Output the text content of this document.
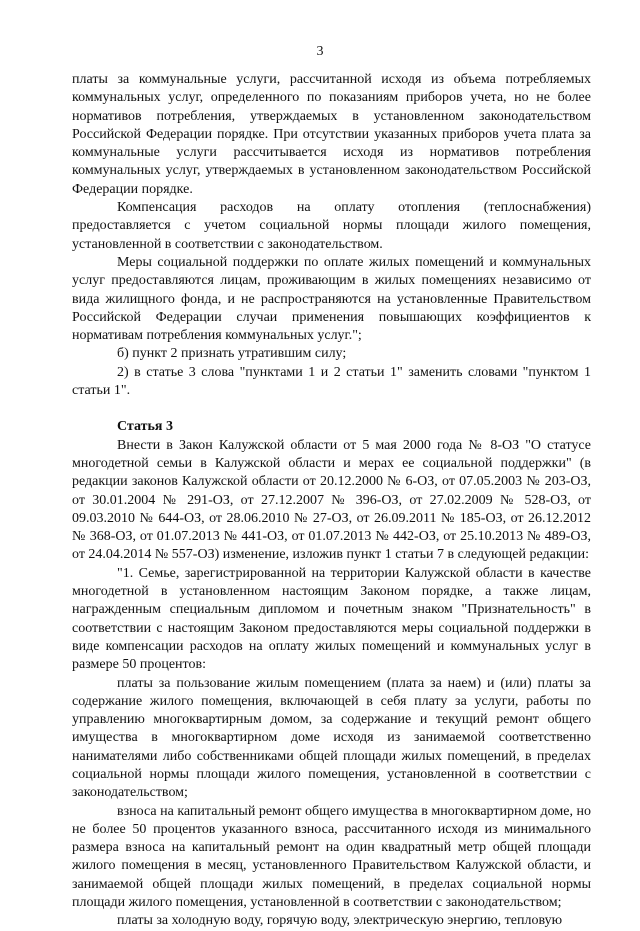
3

платы за коммунальные услуги, рассчитанной исходя из объема потребляемых коммунальных услуг, определенного по показаниям приборов учета, но не более нормативов потребления, утверждаемых в установленном законодательством Российской Федерации порядке. При отсутствии указанных приборов учета плата за коммунальные услуги рассчитывается исходя из нормативов потребления коммунальных услуг, утверждаемых в установленном законодательством Российской Федерации порядке.

Компенсация расходов на оплату отопления (теплоснабжения) предоставляется с учетом социальной нормы площади жилого помещения, установленной в соответствии с законодательством.

Меры социальной поддержки по оплате жилых помещений и коммунальных услуг предоставляются лицам, проживающим в жилых помещениях независимо от вида жилищного фонда, и не распространяются на установленные Правительством Российской Федерации случаи применения повышающих коэффициентов к нормативам потребления коммунальных услуг.";

б) пункт 2 признать утратившим силу;

2) в статье 3 слова "пунктами 1 и 2 статьи 1" заменить словами "пунктом 1 статьи 1".

Статья 3

Внести в Закон Калужской области от 5 мая 2000 года № 8-ОЗ "О статусе многодетной семьи в Калужской области и мерах ее социальной поддержки" (в редакции законов Калужской области от 20.12.2000 № 6-ОЗ, от 07.05.2003 № 203-ОЗ, от 30.01.2004 № 291-ОЗ, от 27.12.2007 № 396-ОЗ, от 27.02.2009 № 528-ОЗ, от 09.03.2010 № 644-ОЗ, от 28.06.2010 № 27-ОЗ, от 26.09.2011 № 185-ОЗ, от 26.12.2012 № 368-ОЗ, от 01.07.2013 № 441-ОЗ, от 01.07.2013 № 442-ОЗ, от 25.10.2013 № 489-ОЗ, от 24.04.2014 № 557-ОЗ) изменение, изложив пункт 1 статьи 7 в следующей редакции:

"1. Семье, зарегистрированной на территории Калужской области в качестве многодетной в установленном настоящим Законом порядке, а также лицам, награжденным специальным дипломом и почетным знаком "Признательность" в соответствии с настоящим Законом предоставляются меры социальной поддержки в виде компенсации расходов на оплату жилых помещений и коммунальных услуг в размере 50 процентов:

платы за пользование жилым помещением (плата за наем) и (или) платы за содержание жилого помещения, включающей в себя плату за услуги, работы по управлению многоквартирным домом, за содержание и текущий ремонт общего имущества в многоквартирном доме исходя из занимаемой соответственно нанимателями либо собственниками общей площади жилых помещений, в пределах социальной нормы площади жилого помещения, установленной в соответствии с законодательством;

взноса на капитальный ремонт общего имущества в многоквартирном доме, но не более 50 процентов указанного взноса, рассчитанного исходя из минимального размера взноса на капитальный ремонт на один квадратный метр общей площади жилого помещения в месяц, установленного Правительством Калужской области, и занимаемой общей площади жилых помещений, в пределах социальной нормы площади жилого помещения, установленной в соответствии с законодательством;

платы за холодную воду, горячую воду, электрическую энергию, тепловую
